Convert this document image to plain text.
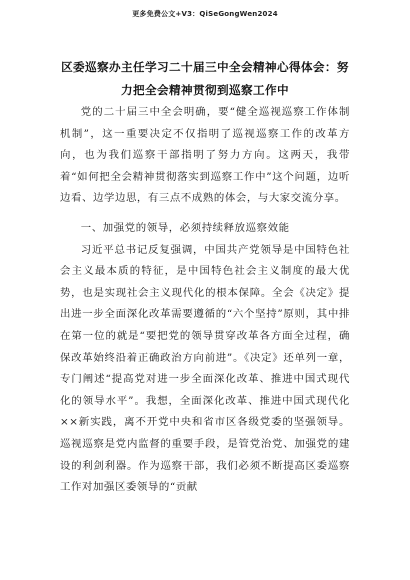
更多免费公文+V3：QiSeGongWen2024
区委巡察办主任学习二十届三中全会精神心得体会：努力把全会精神贯彻到巡察工作中

党的二十届三中全会明确，要“健全巡视巡察工作体制机制”，这一重要决定不仅指明了巡视巡察工作的改革方向，也为我们巡察干部指明了努力方向。这两天，我带着“如何把全会精神贯彻落实到巡察工作中”这个问题，边听边看、边学边思，有三点不成熟的体会，与大家交流分享。

一、加强党的领导，必须持续释放巡察效能

习近平总书记反复强调，中国共产党领导是中国特色社会主义最本质的特征，是中国特色社会主义制度的最大优势，也是实现社会主义现代化的根本保障。全会《决定》提出进一步全面深化改革需要遵循的“六个坚持”原则，其中排在第一位的就是“要把党的领导贯穿改革各方面全过程，确保改革始终沿着正确政治方向前进”。《决定》还单列一章，专门阐述“提高党对进一步全面深化改革、推进中国式现代化的领导水平”。我想，全面深化改革、推进中国式现代化××新实践，离不开党中央和省市区各级党委的坚强领导。巡视巡察是党内监督的重要手段，是管党治党、加强党的建设的利剑利器。作为巡察干部，我们必须不断提高区委巡察工作对加强区委领导的“贡献
